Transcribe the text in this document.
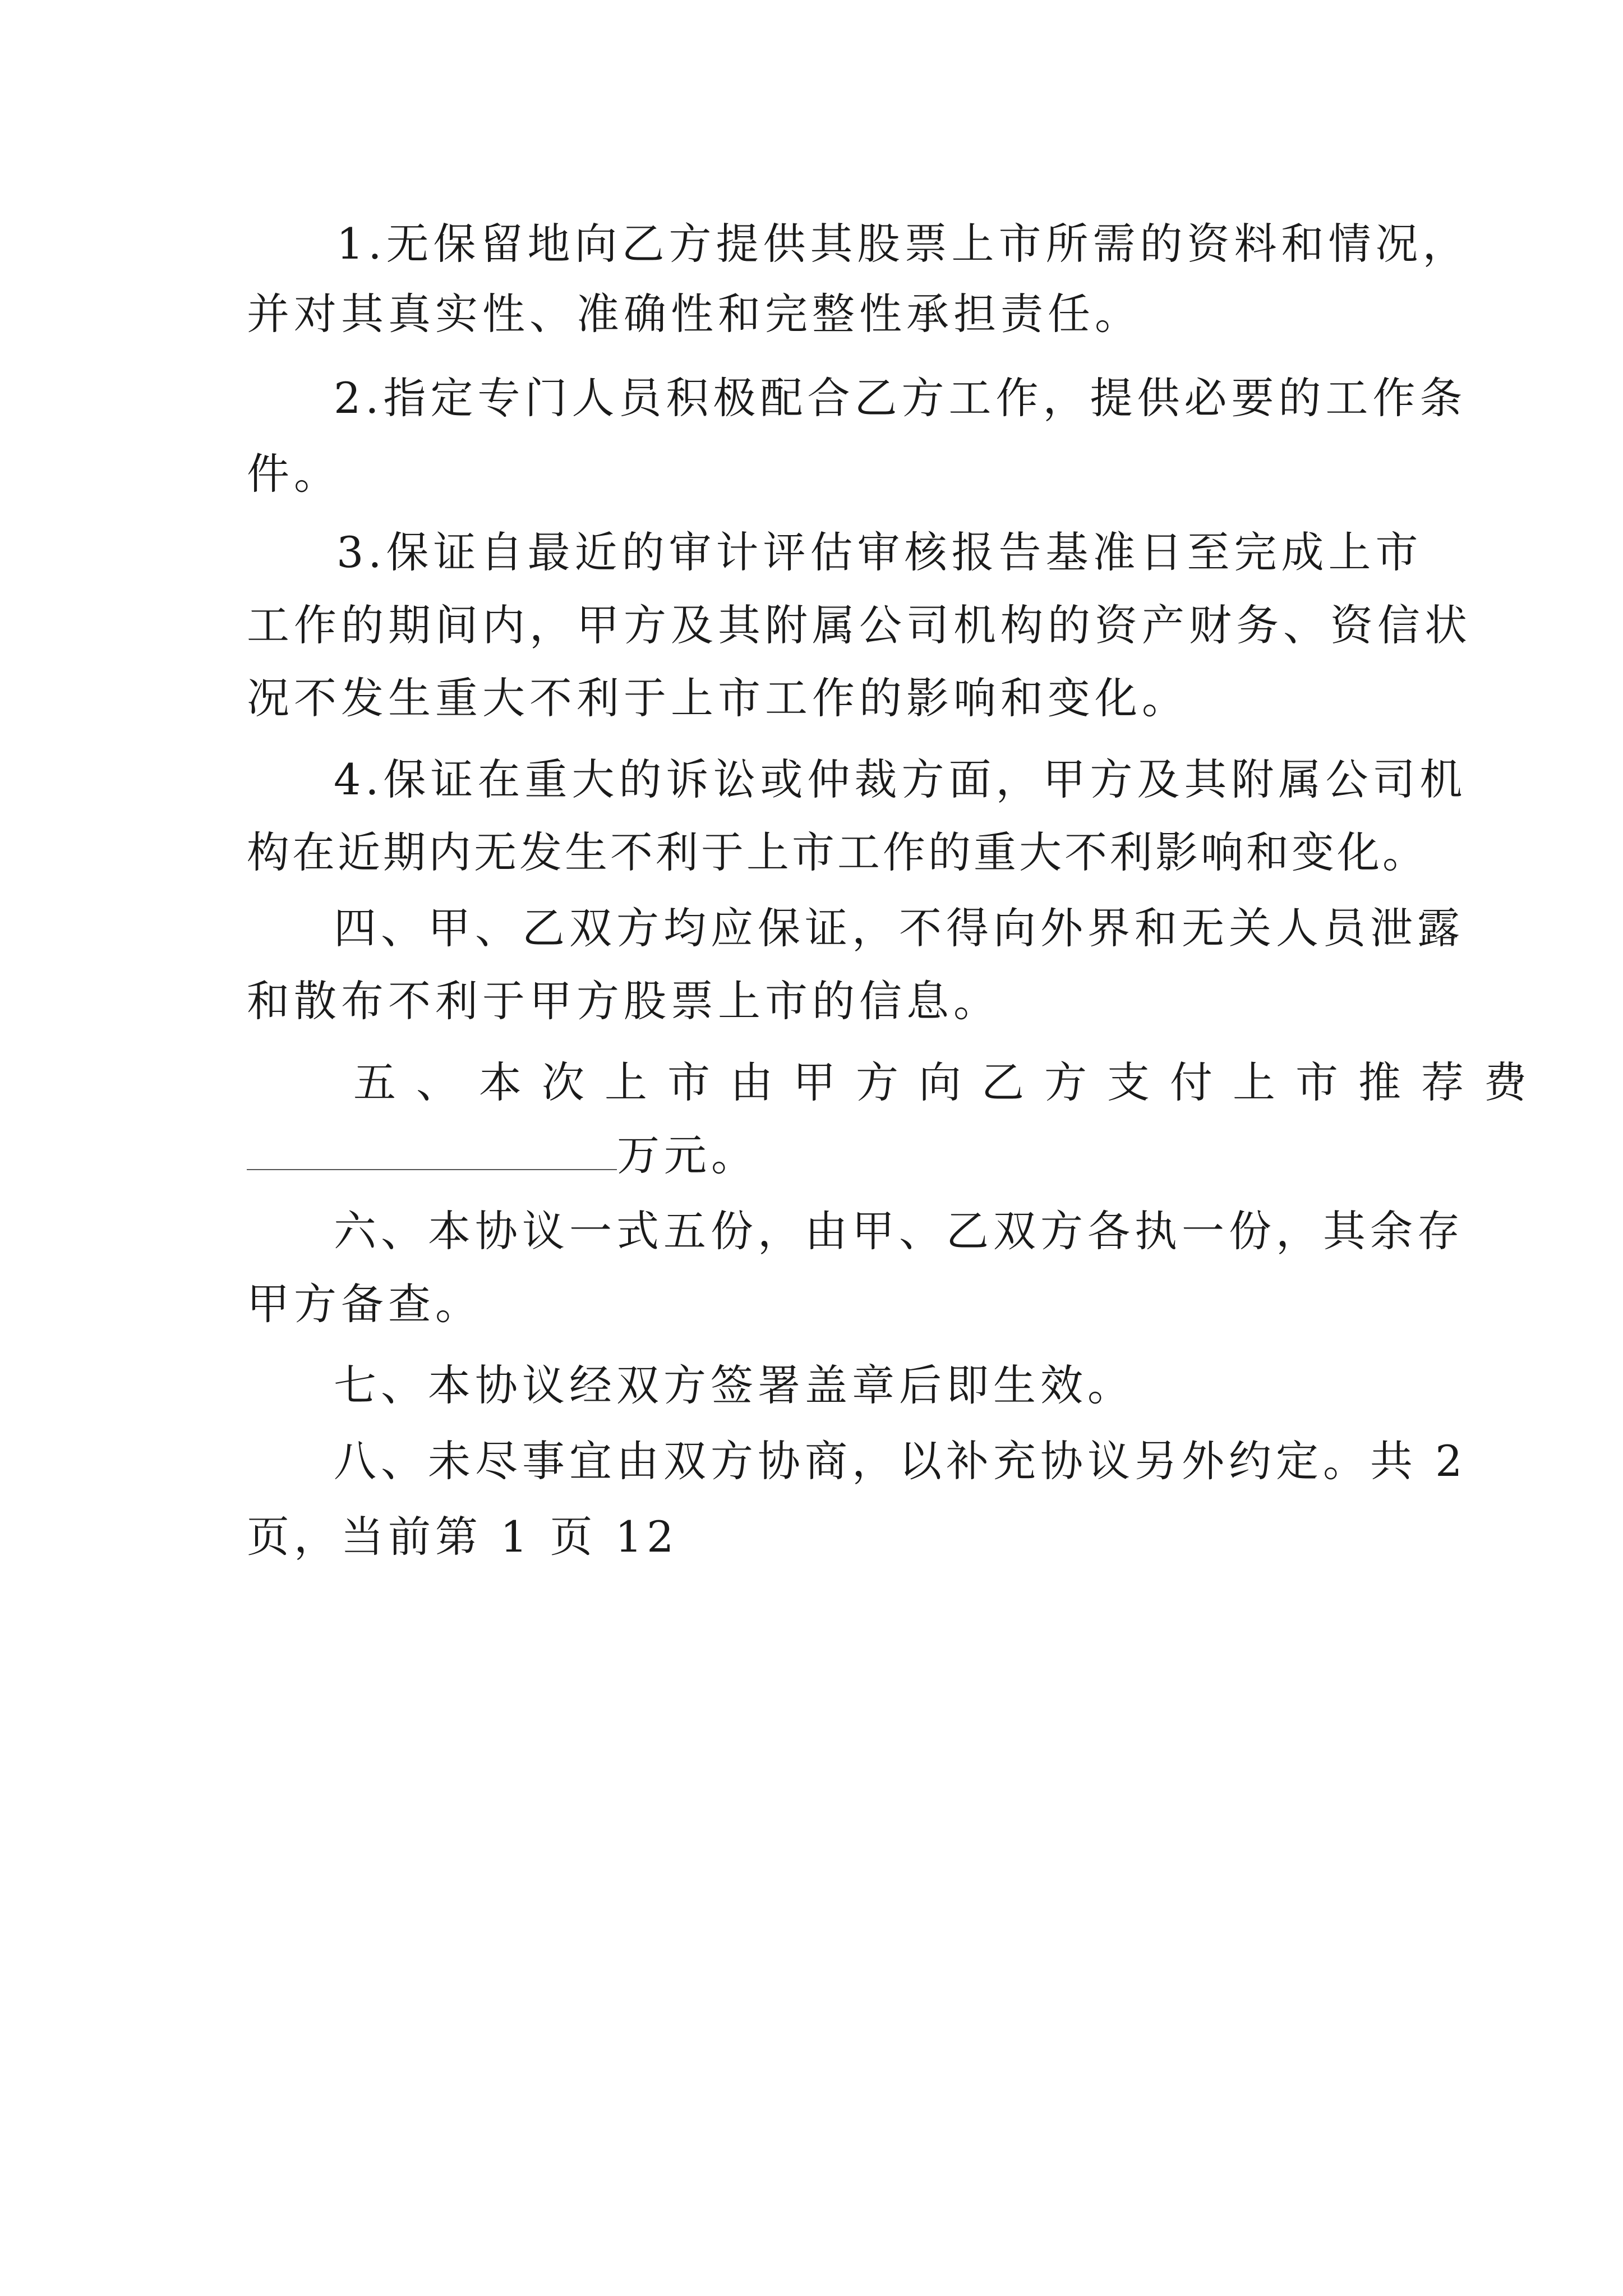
1.无保留地向乙方提供其股票上市所需的资料和情况，
并对其真实性、准确性和完整性承担责任。
2.指定专门人员积极配合乙方工作，提供必要的工作条
件。
3.保证自最近的审计评估审核报告基准日至完成上市
工作的期间内，甲方及其附属公司机构的资产财务、资信状
况不发生重大不利于上市工作的影响和变化。
4.保证在重大的诉讼或仲裁方面，甲方及其附属公司机
构在近期内无发生不利于上市工作的重大不利影响和变化。
四、甲、乙双方均应保证，不得向外界和无关人员泄露
和散布不利于甲方股票上市的信息。
五、本次上市由甲方向乙方支付上市推荐费
万元。
六、本协议一式五份，由甲、乙双方各执一份，其余存
甲方备查。
七、本协议经双方签署盖章后即生效。
八、未尽事宜由双方协商，以补充协议另外约定。共 2
页，当前第 1 页 12
